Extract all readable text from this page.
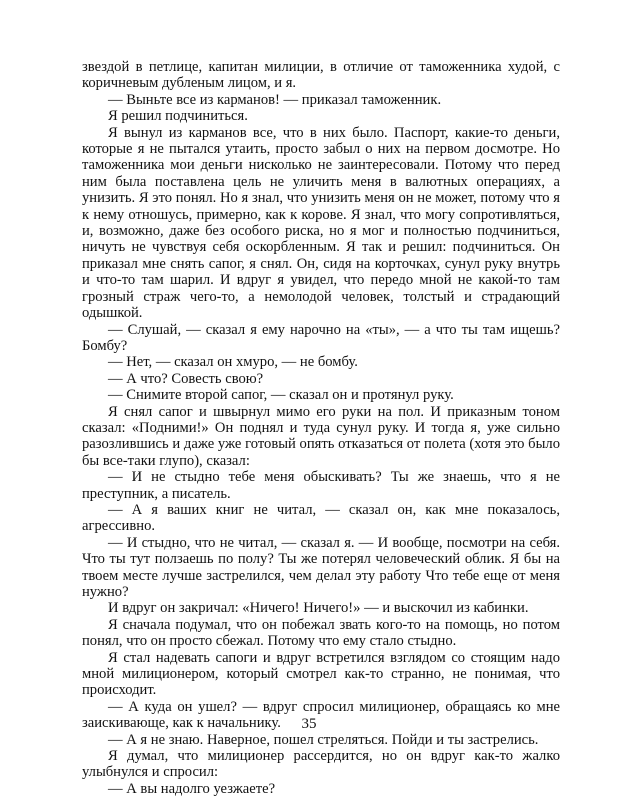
звездой в петлице, капитан милиции, в отличие от таможенника худой, с коричневым дубленым лицом, и я.

— Выньте все из карманов! — приказал таможенник.

Я решил подчиниться.

Я вынул из карманов все, что в них было. Паспорт, какие-то деньги, которые я не пытался утаить, просто забыл о них на первом досмотре. Но таможенника мои деньги нисколько не заинтересовали. Потому что перед ним была поставлена цель не уличить меня в валютных операциях, а унизить. Я это понял. Но я знал, что унизить меня он не может, потому что я к нему отношусь, примерно, как к корове. Я знал, что могу сопротивляться, и, возможно, даже без особого риска, но я мог и полностью подчиниться, ничуть не чувствуя себя оскорбленным. Я так и решил: подчиниться. Он приказал мне снять сапог, я снял. Он, сидя на корточках, сунул руку внутрь и что-то там шарил. И вдруг я увидел, что передо мной не какой-то там грозный страж чего-то, а немолодой человек, толстый и страдающий одышкой.

— Слушай, — сказал я ему нарочно на «ты», — а что ты там ищешь? Бомбу?

— Нет, — сказал он хмуро, — не бомбу.

— А что? Совесть свою?

— Снимите второй сапог, — сказал он и протянул руку.

Я снял сапог и швырнул мимо его руки на пол. И приказным тоном сказал: «Подними!» Он поднял и туда сунул руку. И тогда я, уже сильно разозлившись и даже уже готовый опять отказаться от полета (хотя это было бы все-таки глупо), сказал:

— И не стыдно тебе меня обыскивать? Ты же знаешь, что я не преступник, а писатель.

— А я ваших книг не читал, — сказал он, как мне показалось, агрессивно.

— И стыдно, что не читал, — сказал я. — И вообще, посмотри на себя. Что ты тут ползаешь по полу? Ты же потерял человеческий облик. Я бы на твоем месте лучше застрелился, чем делал эту работу Что тебе еще от меня нужно?

И вдруг он закричал: «Ничего! Ничего!» — и выскочил из кабинки.

Я сначала подумал, что он побежал звать кого-то на помощь, но потом понял, что он просто сбежал. Потому что ему стало стыдно.

Я стал надевать сапоги и вдруг встретился взглядом со стоящим надо мной милиционером, который смотрел как-то странно, не понимая, что происходит.

— А куда он ушел? — вдруг спросил милиционер, обращаясь ко мне заискивающе, как к начальнику.

— А я не знаю. Наверное, пошел стреляться. Пойди и ты застрелись.

Я думал, что милиционер рассердится, но он вдруг как-то жалко улыбнулся и спросил:

— А вы надолго уезжаете?

35
